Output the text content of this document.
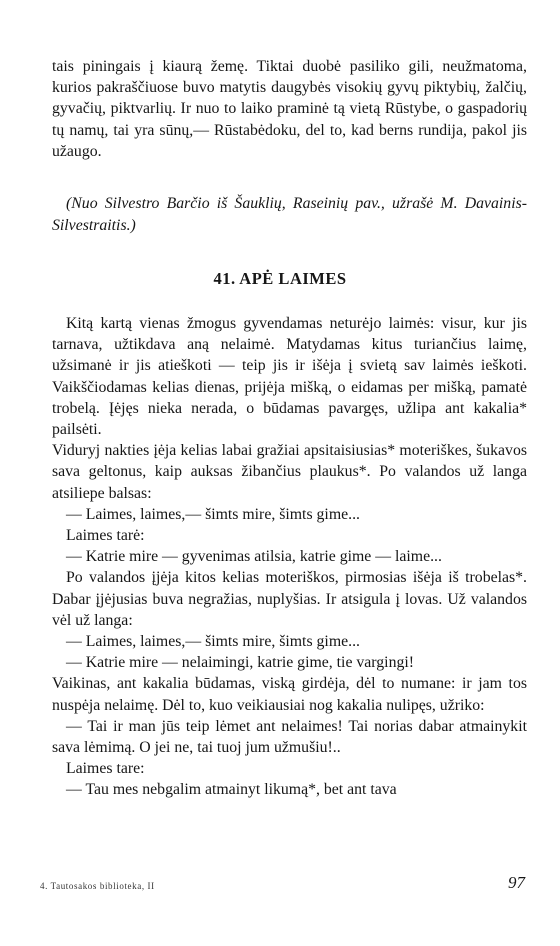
tais piningais į kiaurą žemę. Tiktai duobė pasiliko gili, neužmatoma, kurios pakraščiuose buvo matytis daugybės visokių gyvų piktybių, žalčių, gyvačių, piktvarlių. Ir nuo to laiko praminė tą vietą Rūstybe, o gaspadorių tų namų, tai yra sūnų,— Rūstabėdoku, del to, kad berns rundija, pakol jis užaugo.

(Nuo Silvestro Barčio iš Šauklių, Raseinių pav., užrašė M. Davainis-Silvestraitis.)

41. APĖ LAIMES

Kitą kartą vienas žmogus gyvendamas neturėjo laimės: visur, kur jis tarnava, užtikdava aną nelaimė. Matydamas kitus turiančius laimę, užsimanė ir jis atieškoti — teip jis ir išėja į svietą sav laimės ieškoti. Vaikščiodamas kelias dienas, prijėja mišką, o eidamas per mišką, pamatė trobelą. Įėjęs nieka nerada, o būdamas pavargęs, užlipa ant kakalia* pailsėti.

Viduryj nakties įėja kelias labai gražiai apsitaisiusias* moteriškes, šukavos sava geltonus, kaip auksas žibančius plaukus*. Po valandos už langa atsiliepe balsas:

— Laimes, laimes,— šimts mire, šimts gime...

Laimes tarė:

— Katrie mire — gyvenimas atilsia, katrie gime — laime...

Po valandos įjėja kitos kelias moteriškos, pirmosias išėja iš trobelas*. Dabar įjėjusias buva negražias, nuplyšias. Ir atsigula į lovas. Už valandos vėl už langa:

— Laimes, laimes,— šimts mire, šimts gime...

— Katrie mire — nelaimingi, katrie gime, tie vargingi!

Vaikinas, ant kakalia būdamas, viską girdėja, dėl to numane: ir jam tos nuspėja nelaimę. Dėl to, kuo veikiausiai nog kakalia nulipęs, užriko:

— Tai ir man jūs teip lėmet ant nelaimes! Tai norias dabar atmainykit sava lėmimą. O jei ne, tai tuoj jum užmušiu!..

Laimes tare:

— Tau mes nebgalim atmainyt likumą*, bet ant tava

4. Tautosakos biblioteka, II	97
